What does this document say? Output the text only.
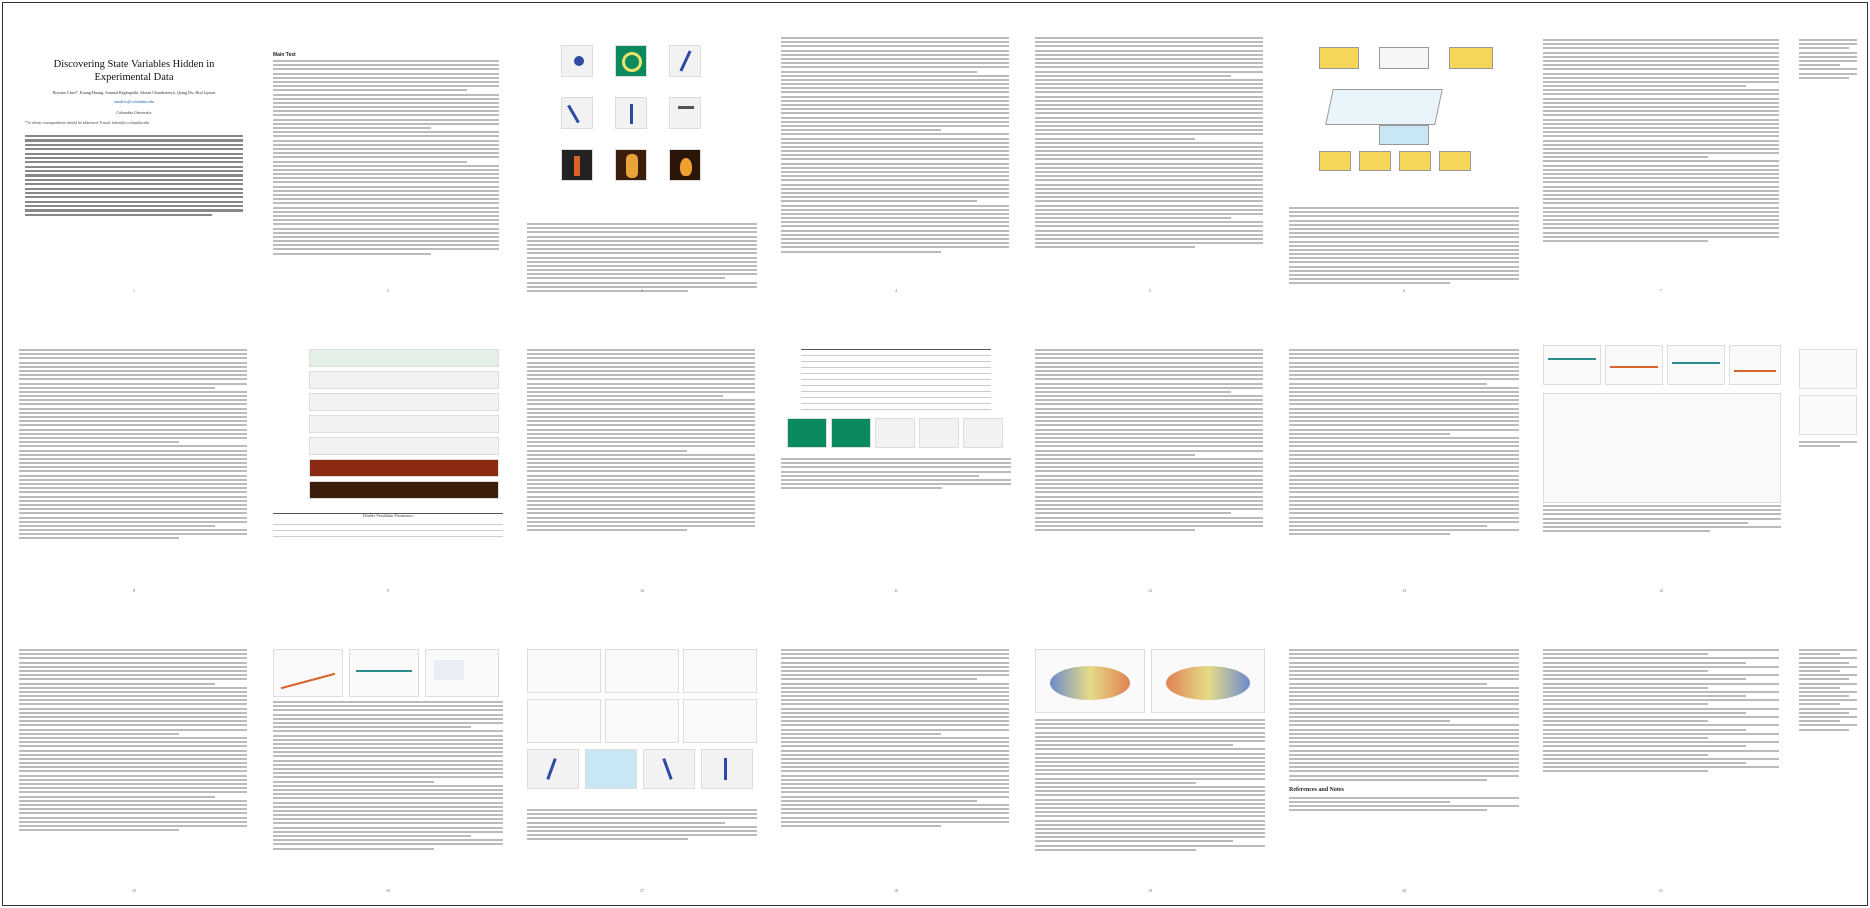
Discovering State Variables Hidden in Experimental Data
Boyuan Chen*, Kuang Huang, Sunand Raghupathi, Ishaan Chandratreya, Qiang Du, Hod Lipson
email.to@columbia.edu
Columbia University
*To whom correspondence should be addressed. E-mail: bchen@cs.columbia.edu.
1
Main Text
2	3	4	5	6	7
8
Double Pendulum Parameters
9	10	11	12	13	14
15	16	17	18	19
References and Notes
20	21
